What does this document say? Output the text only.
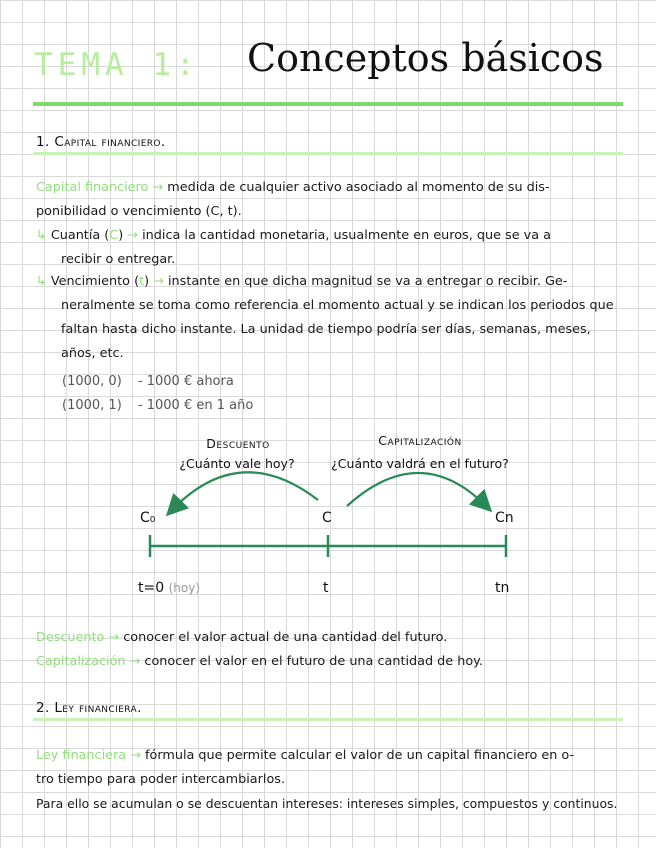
TEMA 1: Conceptos básicos
1. Capital financiero.
Capital financiero → medida de cualquier activo asociado al momento de su dis-
ponibilidad o vencimiento (C, t).
↳ Cuantía (C) → indica la cantidad monetaria, usualmente en euros, que se va a
recibir o entregar.
↳ Vencimiento (t) → instante en que dicha magnitud se va a entregar o recibir. Ge-
neralmente se toma como referencia el momento actual y se indican los periodos que
faltan hasta dicho instante. La unidad de tiempo podría ser días, semanas, meses,
años, etc.
(1000, 0) - 1000 € ahora
(1000, 1) - 1000 € en 1 año
Descuento
¿Cuánto vale hoy?
Capitalización
¿Cuánto valdrá en el futuro?
C₀	C	Cn
t=0 (hoy)	t	tn
Descuento → conocer el valor actual de una cantidad del futuro.
Capitalización → conocer el valor en el futuro de una cantidad de hoy.
2. Ley financiera.
Ley financiera → fórmula que permite calcular el valor de un capital financiero en o-
tro tiempo para poder intercambiarlos.
Para ello se acumulan o se descuentan intereses: intereses simples, compuestos y continuos.
